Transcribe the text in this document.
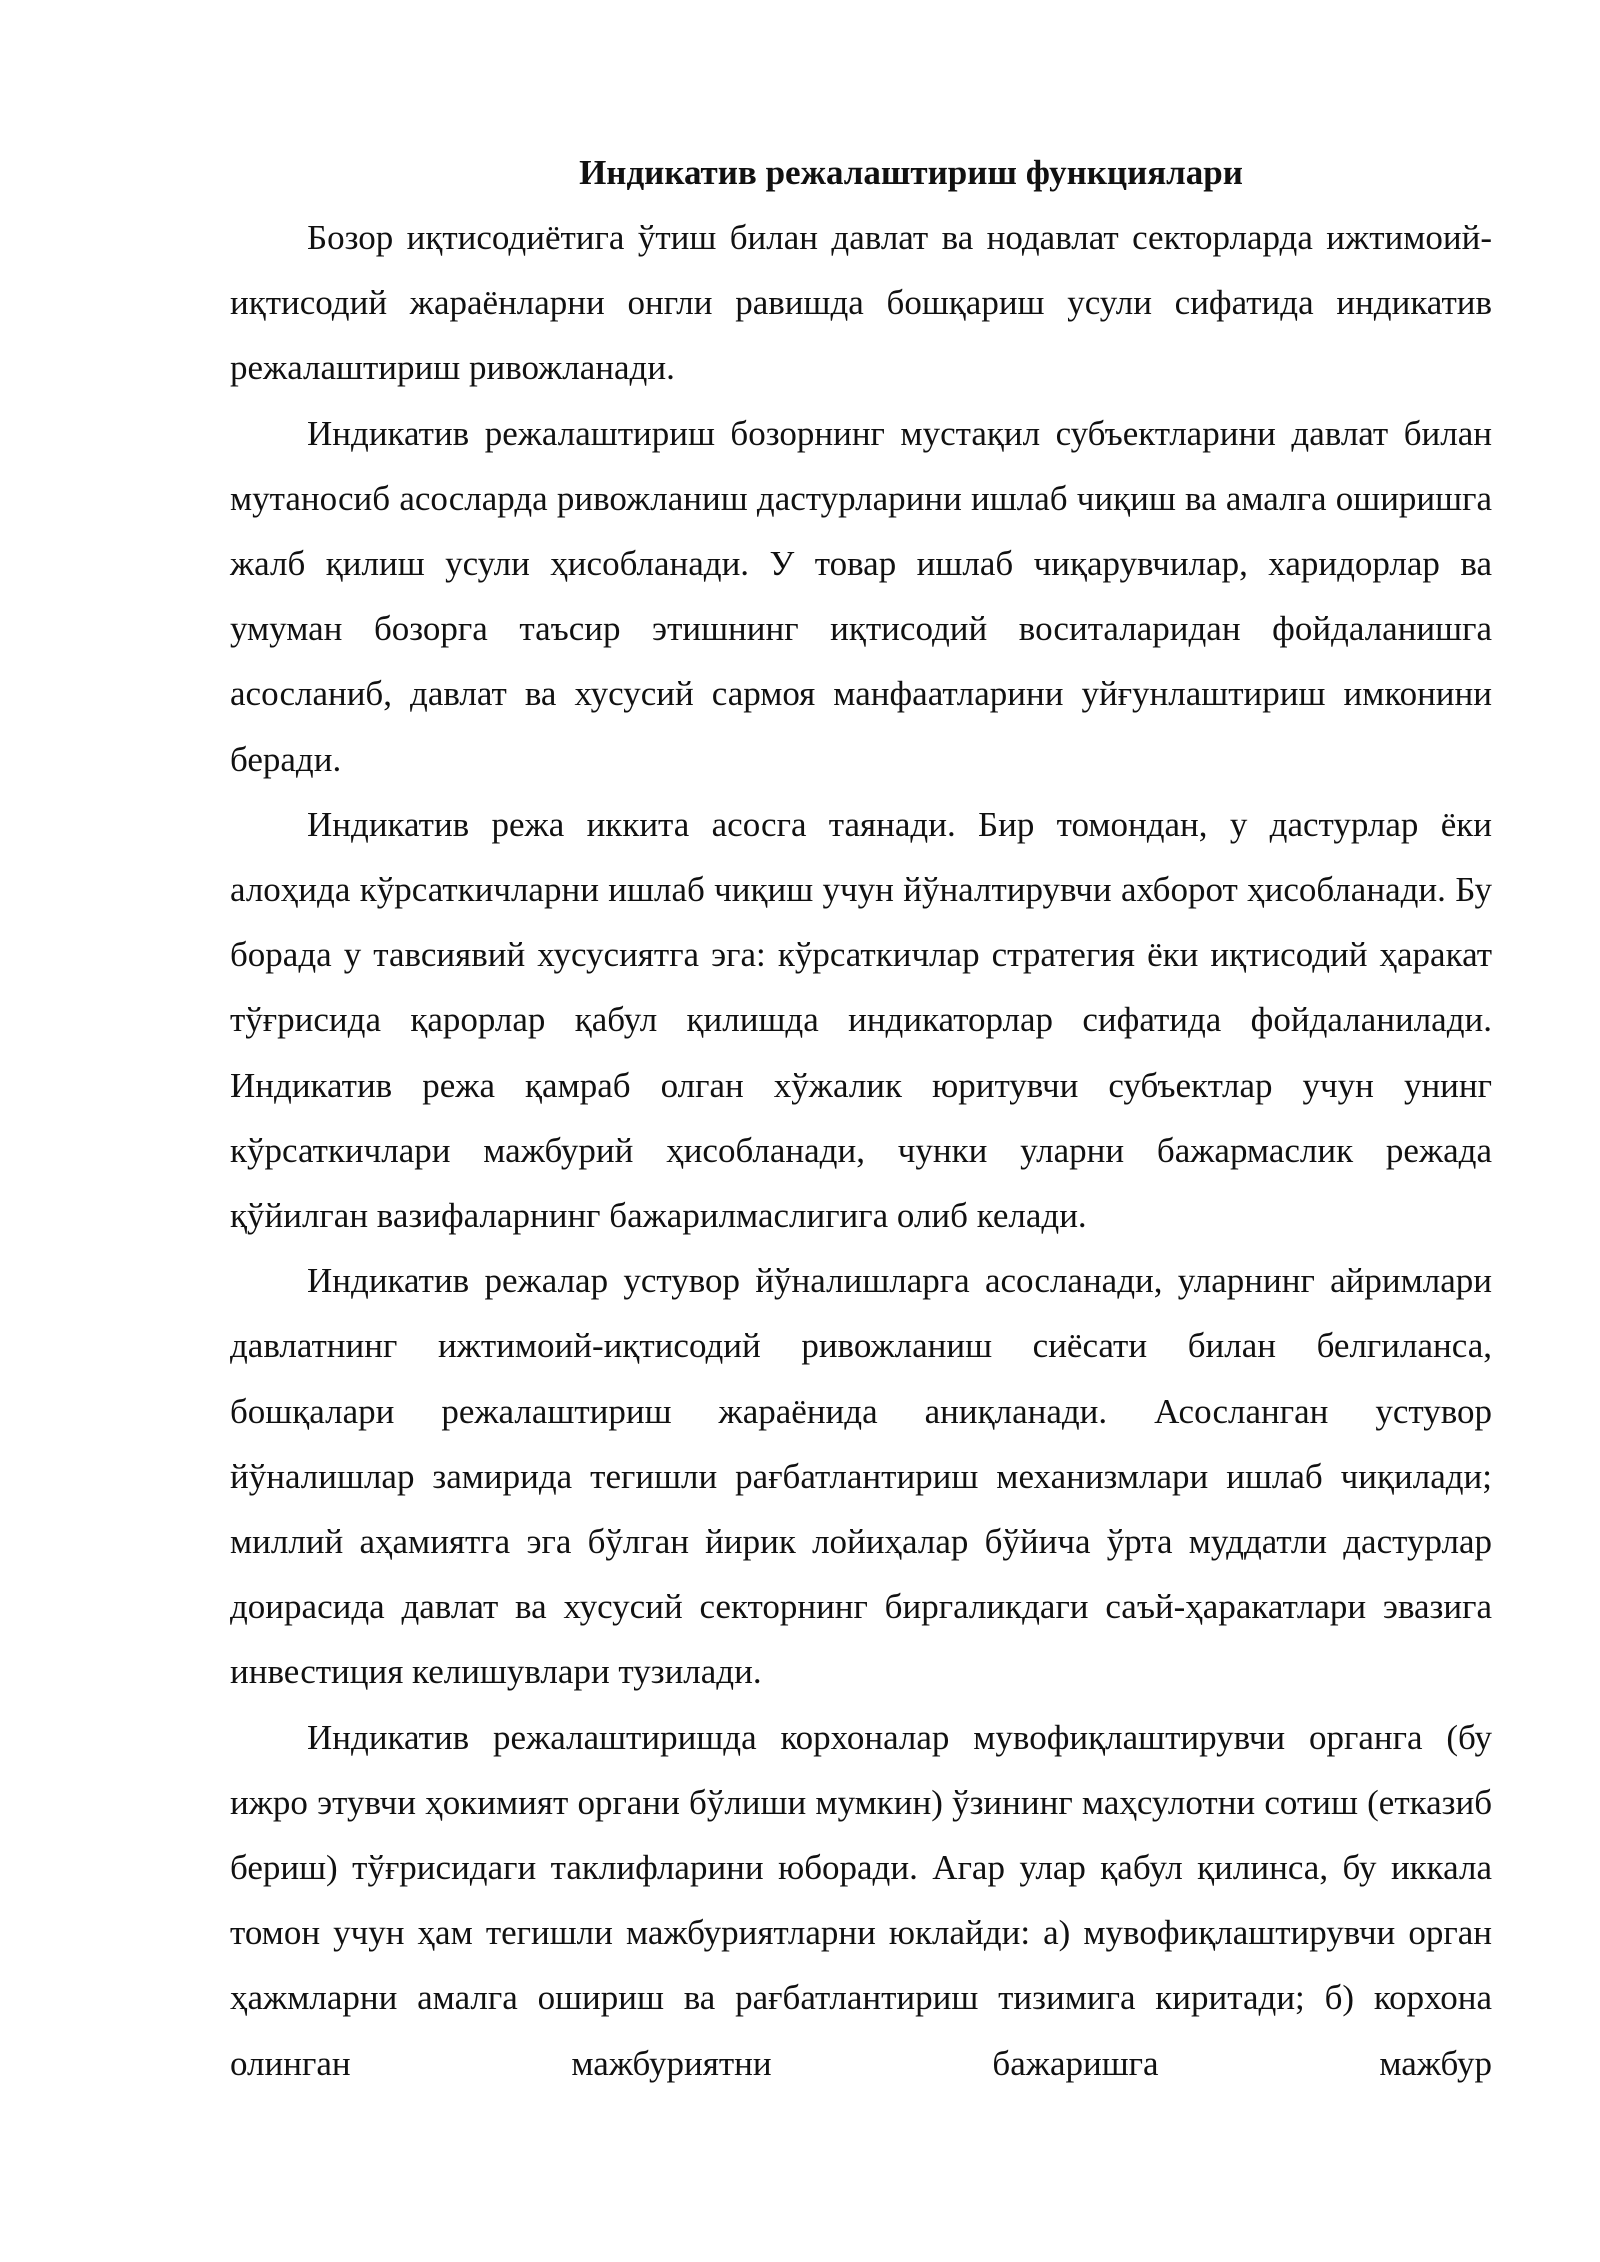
Индикатив режалаштириш функциялари

Бозор иқтисодиётига ўтиш билан давлат ва нодавлат секторларда ижтимоий-иқтисодий жараёнларни онгли равишда бошқариш усули сифатида индикатив режалаштириш ривожланади.

Индикатив режалаштириш бозорнинг мустақил субъектларини давлат билан мутаносиб асосларда ривожланиш дастурларини ишлаб чиқиш ва амалга оширишга жалб қилиш усули ҳисобланади. У товар ишлаб чиқарувчилар, харидорлар ва умуман бозорга таъсир этишнинг иқтисодий воситаларидан фойдаланишга асосланиб, давлат ва хусусий сармоя манфаатларини уйғунлаштириш имконини беради.

Индикатив режа иккита асосга таянади. Бир томондан, у дастурлар ёки алоҳида кўрсаткичларни ишлаб чиқиш учун йўналтирувчи ахборот ҳисобланади. Бу борада у тавсиявий хусусиятга эга: кўрсаткичлар стратегия ёки иқтисодий ҳаракат тўғрисида қарорлар қабул қилишда индикаторлар сифатида фойдаланилади. Индикатив режа қамраб олган хўжалик юритувчи субъектлар учун унинг кўрсаткичлари мажбурий ҳисобланади, чунки уларни бажармаслик режада қўйилган вазифаларнинг бажарилмаслигига олиб келади.

Индикатив режалар устувор йўналишларга асосланади, уларнинг айримлари давлатнинг ижтимоий-иқтисодий ривожланиш сиёсати билан белгиланса, бошқалари режалаштириш жараёнида аниқланади. Асосланган устувор йўналишлар замирида тегишли рағбатлантириш механизмлари ишлаб чиқилади; миллий аҳамиятга эга бўлган йирик лойиҳалар бўйича ўрта муддатли дастурлар доирасида давлат ва хусусий секторнинг биргаликдаги саъй-ҳаракатлари эвазига инвестиция келишувлари тузилади.

Индикатив режалаштиришда корхоналар мувофиқлаштирувчи органга (бу ижро этувчи ҳокимият органи бўлиши мумкин) ўзининг маҳсулотни сотиш (етказиб бериш) тўғрисидаги таклифларини юборади. Агар улар қабул қилинса, бу иккала томон учун ҳам тегишли мажбуриятларни юклайди: а) мувофиқлаштирувчи орган ҳажмларни амалга ошириш ва рағбатлантириш тизимига киритади; б) корхона олинган мажбуриятни бажаришга мажбур
